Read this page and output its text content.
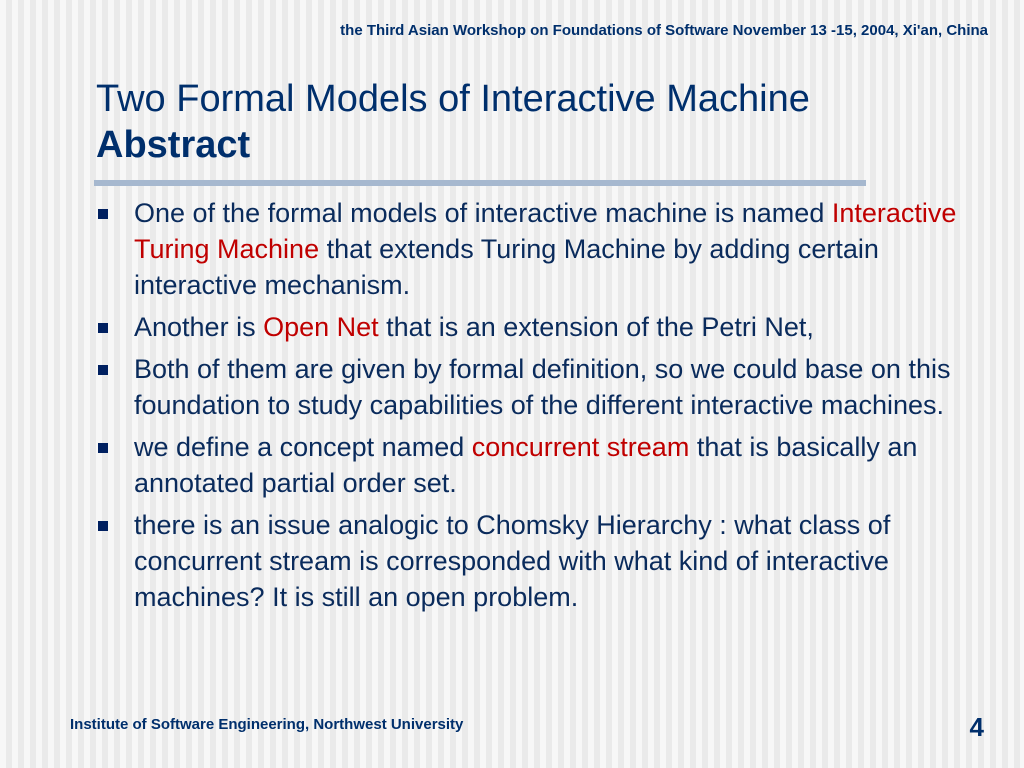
the Third Asian Workshop on Foundations of Software November 13 -15, 2004, Xi'an, China
Two Formal Models of Interactive Machine
Abstract
One of the formal models of interactive machine is named Interactive Turing Machine that extends Turing Machine by adding certain interactive mechanism.
Another is Open Net that is an extension of the Petri Net,
Both of them are given by formal definition, so we could base on this foundation to study capabilities of the different interactive machines.
we define a concept named concurrent stream that is basically an annotated partial order set.
there is an issue analogic to Chomsky Hierarchy : what class of concurrent stream is corresponded with what kind of interactive machines? It is still an open problem.
Institute of Software Engineering, Northwest University	4
